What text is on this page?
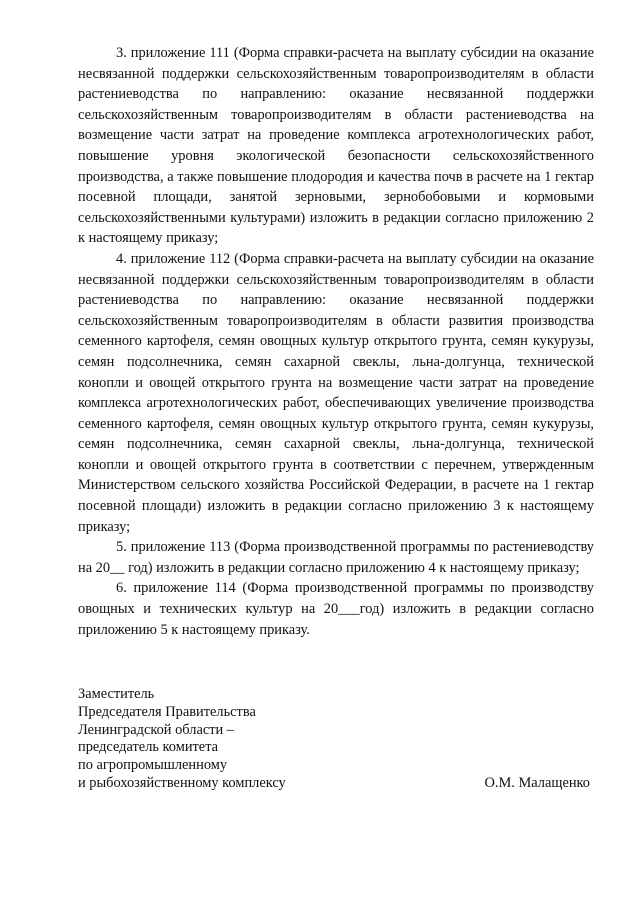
3. приложение 111 (Форма справки-расчета на выплату субсидии на оказание несвязанной поддержки сельскохозяйственным товаропроизводителям в области растениеводства по направлению: оказание несвязанной поддержки сельскохозяйственным товаропроизводителям в области растениеводства на возмещение части затрат на проведение комплекса агротехнологических работ, повышение уровня экологической безопасности сельскохозяйственного производства, а также повышение плодородия и качества почв в расчете на 1 гектар посевной площади, занятой зерновыми, зернобобовыми и кормовыми сельскохозяйственными культурами) изложить в редакции согласно приложению 2 к настоящему приказу;

4. приложение 112 (Форма справки-расчета на выплату субсидии на оказание несвязанной поддержки сельскохозяйственным товаропроизводителям в области растениеводства по направлению: оказание несвязанной поддержки сельскохозяйственным товаропроизводителям в области развития производства семенного картофеля, семян овощных культур открытого грунта, семян кукурузы, семян подсолнечника, семян сахарной свеклы, льна-долгунца, технической конопли и овощей открытого грунта на возмещение части затрат на проведение комплекса агротехнологических работ, обеспечивающих увеличение производства семенного картофеля, семян овощных культур открытого грунта, семян кукурузы, семян подсолнечника, семян сахарной свеклы, льна-долгунца, технической конопли и овощей открытого грунта в соответствии с перечнем, утвержденным Министерством сельского хозяйства Российской Федерации, в расчете на 1 гектар посевной площади) изложить в редакции согласно приложению 3 к настоящему приказу;

5. приложение 113 (Форма производственной программы по растениеводству на 20__ год) изложить в редакции согласно приложению 4 к настоящему приказу;

6. приложение 114 (Форма производственной программы по производству овощных и технических культур на 20___год) изложить в редакции согласно приложению 5 к настоящему приказу.

Заместитель
Председателя Правительства
Ленинградской области –
председатель комитета
по агропромышленному
и рыбохозяйственному комплексу	О.М. Малащенко
